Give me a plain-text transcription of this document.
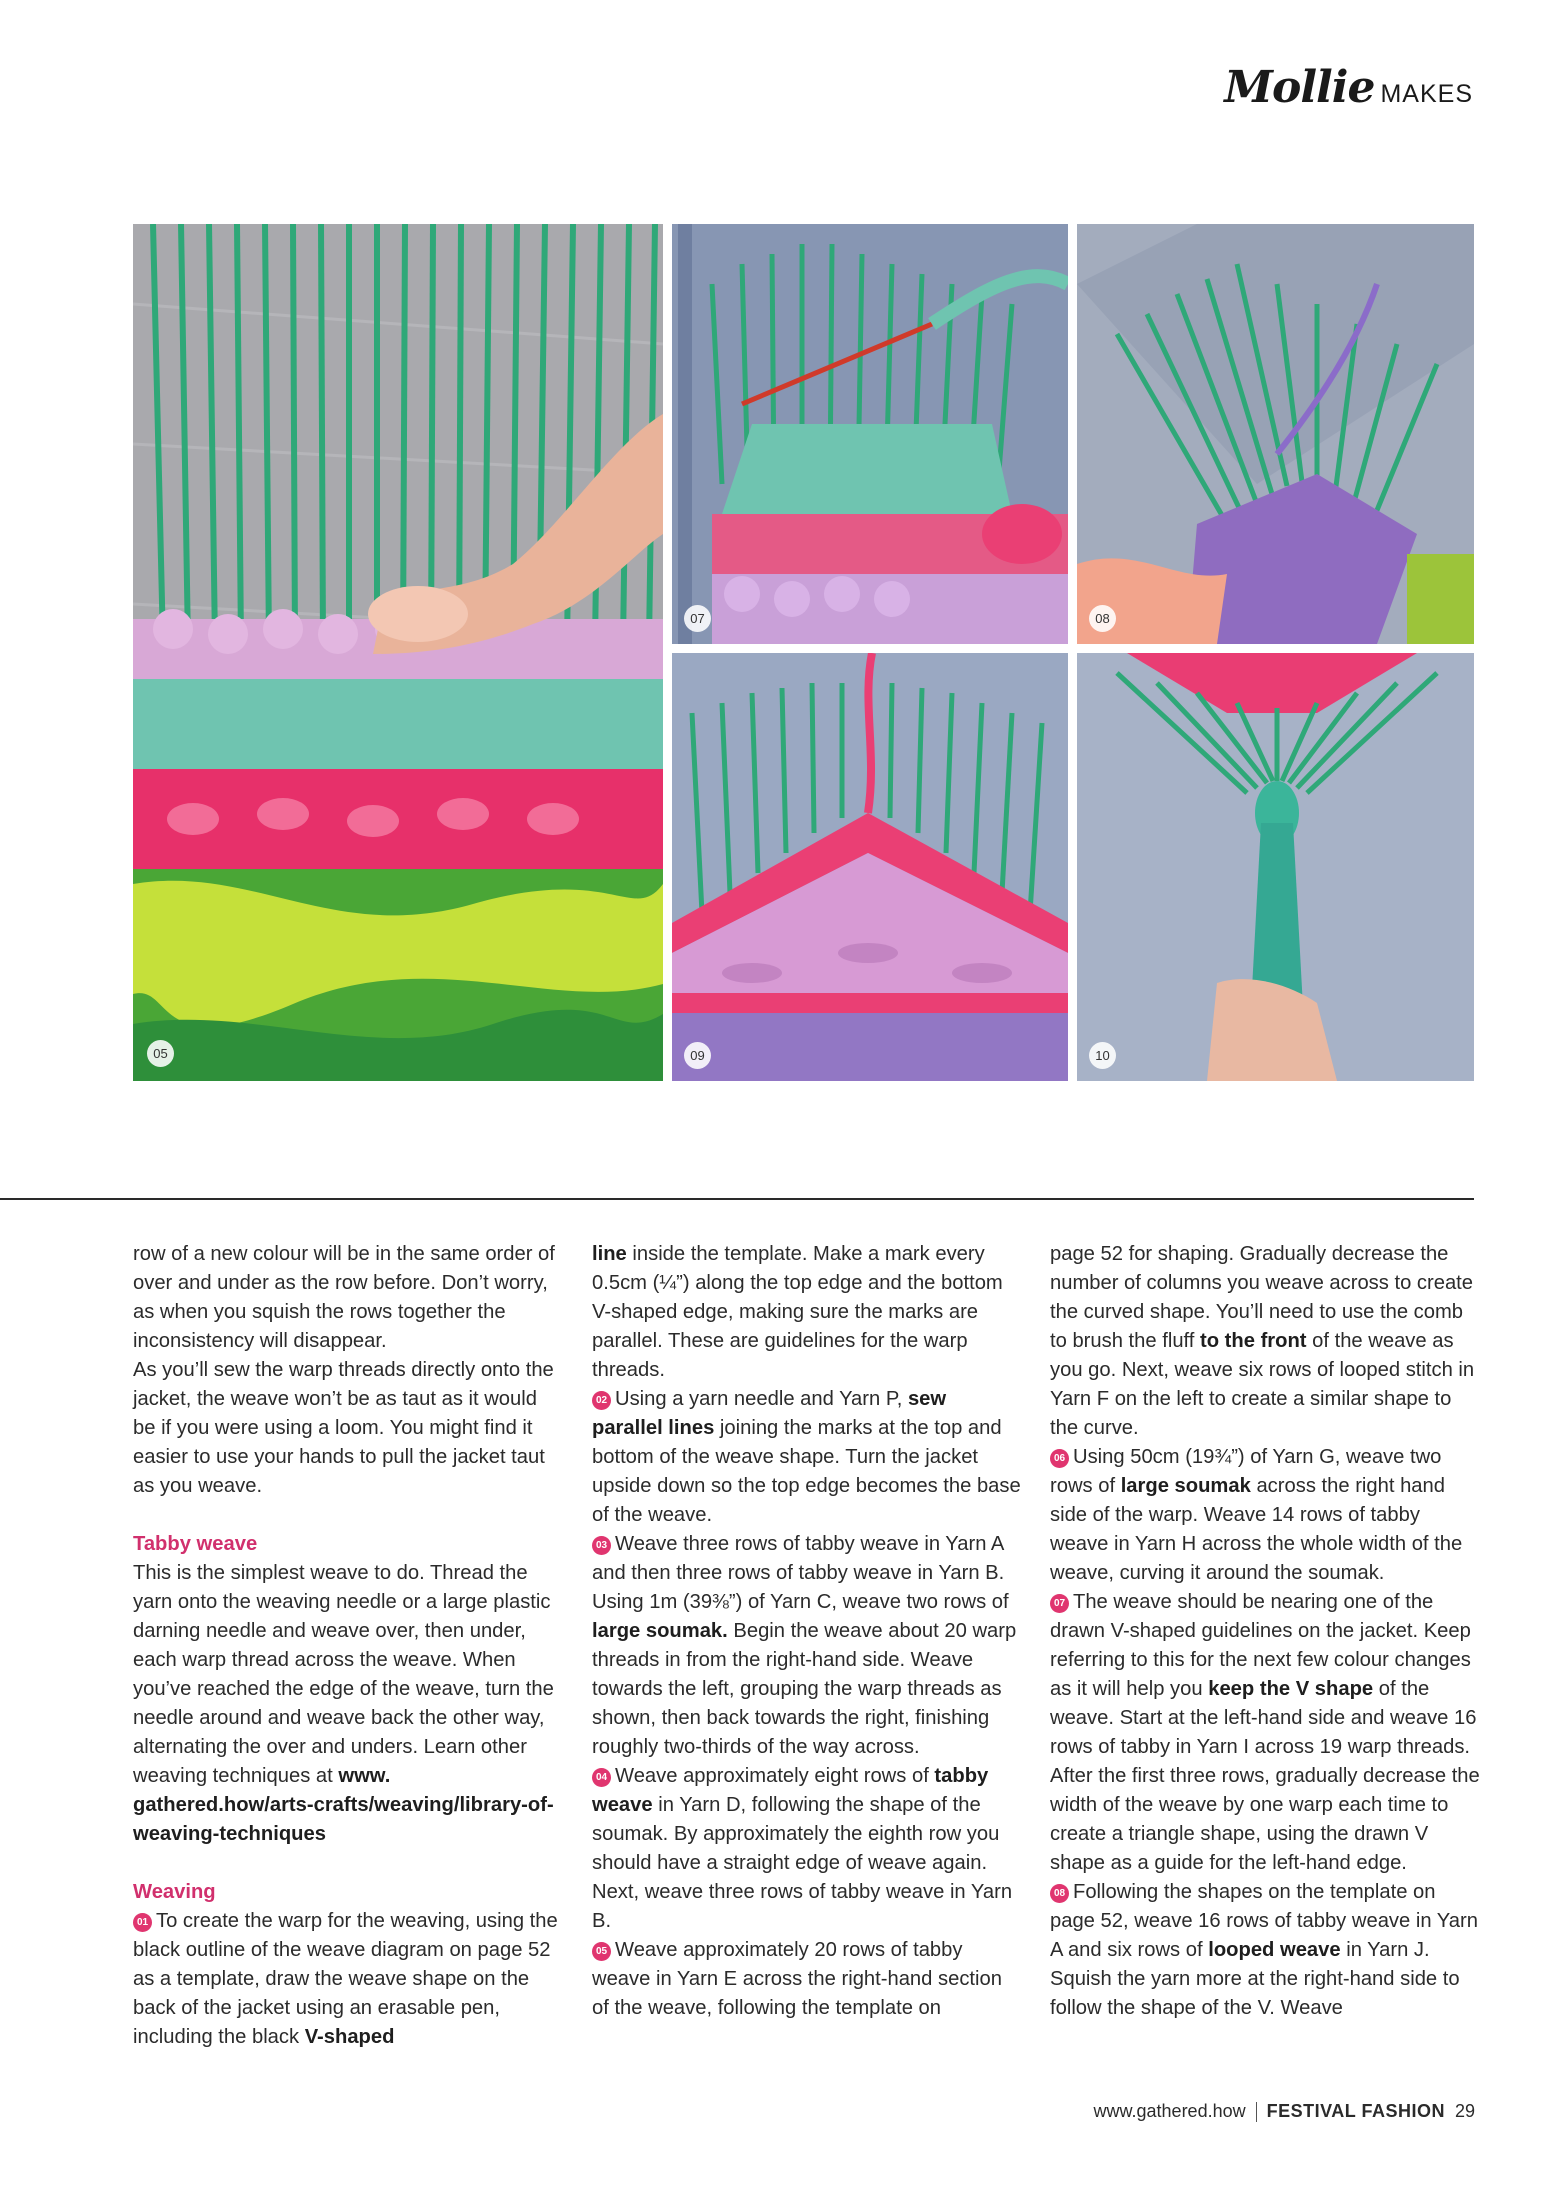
Mollie MAKES
05
07	08
09	10

row of a new colour will be in the same order of over and under as the row before. Don’t worry, as when you squish the rows together the inconsistency will disappear.

As you’ll sew the warp threads directly onto the jacket, the weave won’t be as taut as it would be if you were using a loom. You might find it easier to use your hands to pull the jacket taut as you weave.

Tabby weave

This is the simplest weave to do. Thread the yarn onto the weaving needle or a large plastic darning needle and weave over, then under, each warp thread across the weave. When you’ve reached the edge of the weave, turn the needle around and weave back the other way, alternating the over and unders. Learn other weaving techniques at www. gathered.how/arts-crafts/weaving/library-of-weaving-techniques

Weaving

01 To create the warp for the weaving, using the black outline of the weave diagram on page 52 as a template, draw the weave shape on the back of the jacket using an erasable pen, including the black V-shaped

line inside the template. Make a mark every 0.5cm (¼”) along the top edge and the bottom V-shaped edge, making sure the marks are parallel. These are guidelines for the warp threads.

02 Using a yarn needle and Yarn P, sew parallel lines joining the marks at the top and bottom of the weave shape. Turn the jacket upside down so the top edge becomes the base of the weave.

03 Weave three rows of tabby weave in Yarn A and then three rows of tabby weave in Yarn B. Using 1m (39⅜”) of Yarn C, weave two rows of large soumak. Begin the weave about 20 warp threads in from the right-hand side. Weave towards the left, grouping the warp threads as shown, then back towards the right, finishing roughly two-thirds of the way across.

04 Weave approximately eight rows of tabby weave in Yarn D, following the shape of the soumak. By approximately the eighth row you should have a straight edge of weave again. Next, weave three rows of tabby weave in Yarn B.

05 Weave approximately 20 rows of tabby weave in Yarn E across the right-hand section of the weave, following the template on

page 52 for shaping. Gradually decrease the number of columns you weave across to create the curved shape. You’ll need to use the comb to brush the fluff to the front of the weave as you go. Next, weave six rows of looped stitch in Yarn F on the left to create a similar shape to the curve.

06 Using 50cm (19¾”) of Yarn G, weave two rows of large soumak across the right hand side of the warp. Weave 14 rows of tabby weave in Yarn H across the whole width of the weave, curving it around the soumak.

07 The weave should be nearing one of the drawn V-shaped guidelines on the jacket. Keep referring to this for the next few colour changes as it will help you keep the V shape of the weave. Start at the left-hand side and weave 16 rows of tabby in Yarn I across 19 warp threads. After the first three rows, gradually decrease the width of the weave by one warp each time to create a triangle shape, using the drawn V shape as a guide for the left-hand edge.

08 Following the shapes on the template on page 52, weave 16 rows of tabby weave in Yarn A and six rows of looped weave in Yarn J. Squish the yarn more at the right-hand side to follow the shape of the V. Weave

www.gathered.how FESTIVAL FASHION 29
